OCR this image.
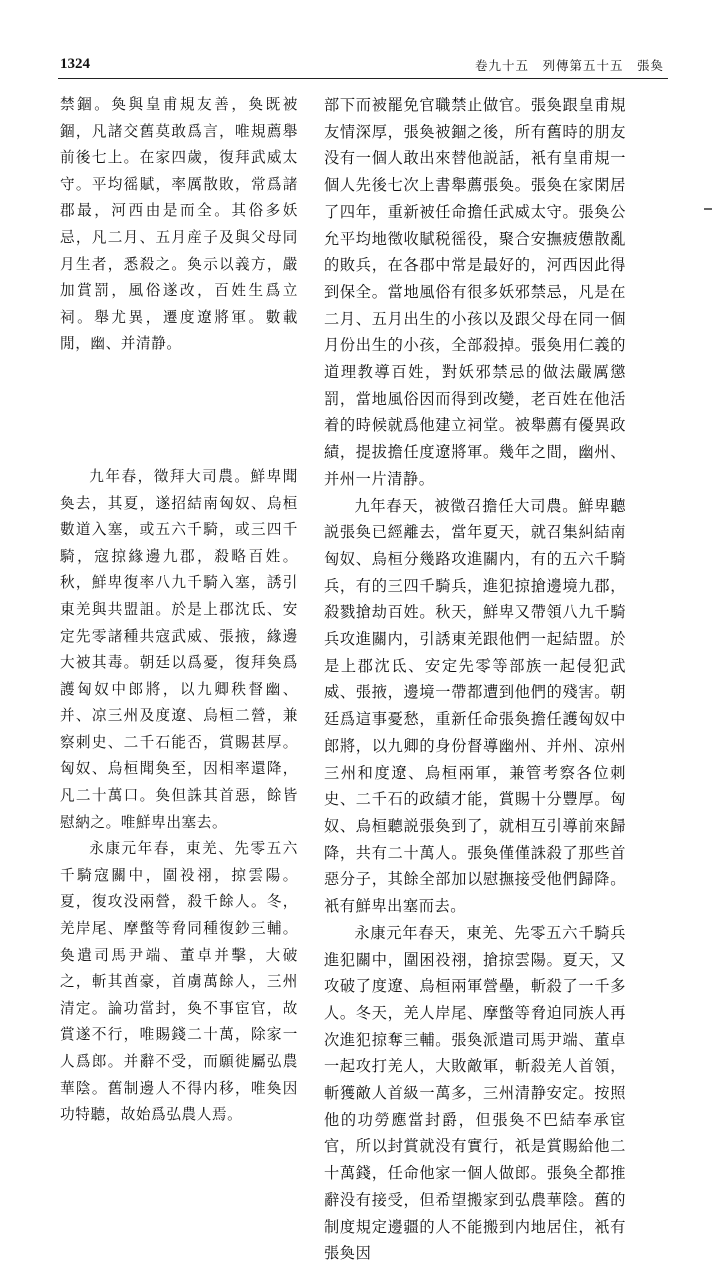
1324	卷九十五　列傳第五十五　張奐

禁錮。奐與皇甫規友善，奐既被錮，凡諸交舊莫敢爲言，唯規薦舉前後七上。在家四歲，復拜武威太守。平均徭賦，率厲散敗，常爲諸郡最，河西由是而全。其俗多妖忌，凡二月、五月産子及與父母同月生者，悉殺之。奐示以義方，嚴加賞罰，風俗遂改，百姓生爲立祠。舉尤異，遷度遼將軍。數載閒，幽、并清静。

九年春，徵拜大司農。鮮卑聞奐去，其夏，遂招結南匈奴、烏桓數道入塞，或五六千騎，或三四千騎，寇掠緣邊九郡，殺略百姓。秋，鮮卑復率八九千騎入塞，誘引東羌與共盟詛。於是上郡沈氐、安定先零諸種共寇武威、張掖，緣邊大被其毒。朝廷以爲憂，復拜奐爲護匈奴中郎將，以九卿秩督幽、并、凉三州及度遼、烏桓二營，兼察刺史、二千石能否，賞賜甚厚。匈奴、烏桓聞奐至，因相率還降，凡二十萬口。奐但誅其首惡，餘皆慰納之。唯鮮卑出塞去。

永康元年春，東羌、先零五六千騎寇關中，圍祋祤，掠雲陽。夏，復攻没兩營，殺千餘人。冬，羌岸尾、摩蟞等脅同種復鈔三輔。奐遣司馬尹端、董卓并擊，大破之，斬其酋豪，首虜萬餘人，三州清定。論功當封，奐不事宦官，故賞遂不行，唯賜錢二十萬，除家一人爲郎。并辭不受，而願徙屬弘農華陰。舊制邊人不得内移，唯奐因功特聽，故始爲弘農人焉。

部下而被罷免官職禁止做官。張奐跟皇甫規友情深厚，張奐被錮之後，所有舊時的朋友没有一個人敢出來替他説話，衹有皇甫規一個人先後七次上書舉薦張奐。張奐在家閑居了四年，重新被任命擔任武威太守。張奐公允平均地徵收賦税徭役，聚合安撫疲憊散亂的敗兵，在各郡中常是最好的，河西因此得到保全。當地風俗有很多妖邪禁忌，凡是在二月、五月出生的小孩以及跟父母在同一個月份出生的小孩，全部殺掉。張奐用仁義的道理教導百姓，對妖邪禁忌的做法嚴厲懲罰，當地風俗因而得到改變，老百姓在他活着的時候就爲他建立祠堂。被舉薦有優異政績，提拔擔任度遼將軍。幾年之間，幽州、并州一片清静。

九年春天，被徵召擔任大司農。鮮卑聽説張奐已經離去，當年夏天，就召集糾結南匈奴、烏桓分幾路攻進關内，有的五六千騎兵，有的三四千騎兵，進犯掠搶邊境九郡，殺戮搶劫百姓。秋天，鮮卑又帶領八九千騎兵攻進關内，引誘東羌跟他們一起結盟。於是上郡沈氐、安定先零等部族一起侵犯武威、張掖，邊境一帶都遭到他們的殘害。朝廷爲這事憂愁，重新任命張奐擔任護匈奴中郎將，以九卿的身份督導幽州、并州、凉州三州和度遼、烏桓兩軍，兼管考察各位刺史、二千石的政績才能，賞賜十分豐厚。匈奴、烏桓聽説張奐到了，就相互引導前來歸降，共有二十萬人。張奐僅僅誅殺了那些首惡分子，其餘全部加以慰撫接受他們歸降。衹有鮮卑出塞而去。

永康元年春天，東羌、先零五六千騎兵進犯關中，圍困祋祤，搶掠雲陽。夏天，又攻破了度遼、烏桓兩軍營壘，斬殺了一千多人。冬天，羌人岸尾、摩蟞等脅迫同族人再次進犯掠奪三輔。張奐派遣司馬尹端、董卓一起攻打羌人，大敗敵軍，斬殺羌人首領，斬獲敵人首級一萬多，三州清静安定。按照他的功勞應當封爵，但張奐不巴結奉承宦官，所以封賞就没有實行，祇是賞賜給他二十萬錢，任命他家一個人做郎。張奐全都推辭没有接受，但希望搬家到弘農華陰。舊的制度規定邊疆的人不能搬到内地居住，衹有張奐因
